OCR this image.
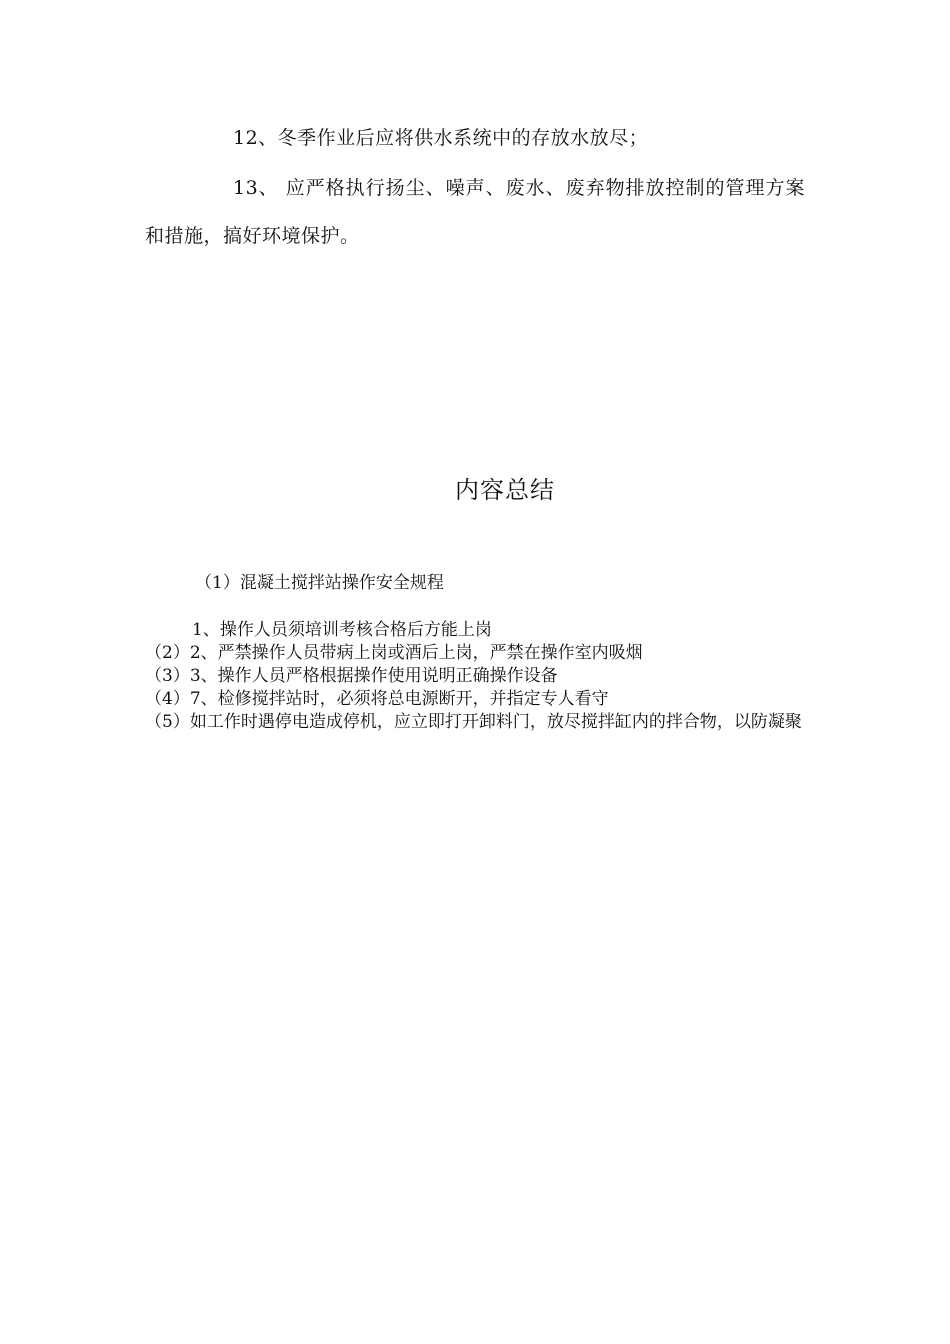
12、冬季作业后应将供水系统中的存放水放尽；
13、 应严格执行扬尘、噪声、废水、废弃物排放控制的管理方案和措施，搞好环境保护。
内容总结
（1）混凝土搅拌站操作安全规程
1、操作人员须培训考核合格后方能上岗
（2）2、严禁操作人员带病上岗或酒后上岗，严禁在操作室内吸烟
（3）3、操作人员严格根据操作使用说明正确操作设备
（4）7、检修搅拌站时，必须将总电源断开，并指定专人看守
（5）如工作时遇停电造成停机，应立即打开卸料门，放尽搅拌缸内的拌合物，以防凝聚
